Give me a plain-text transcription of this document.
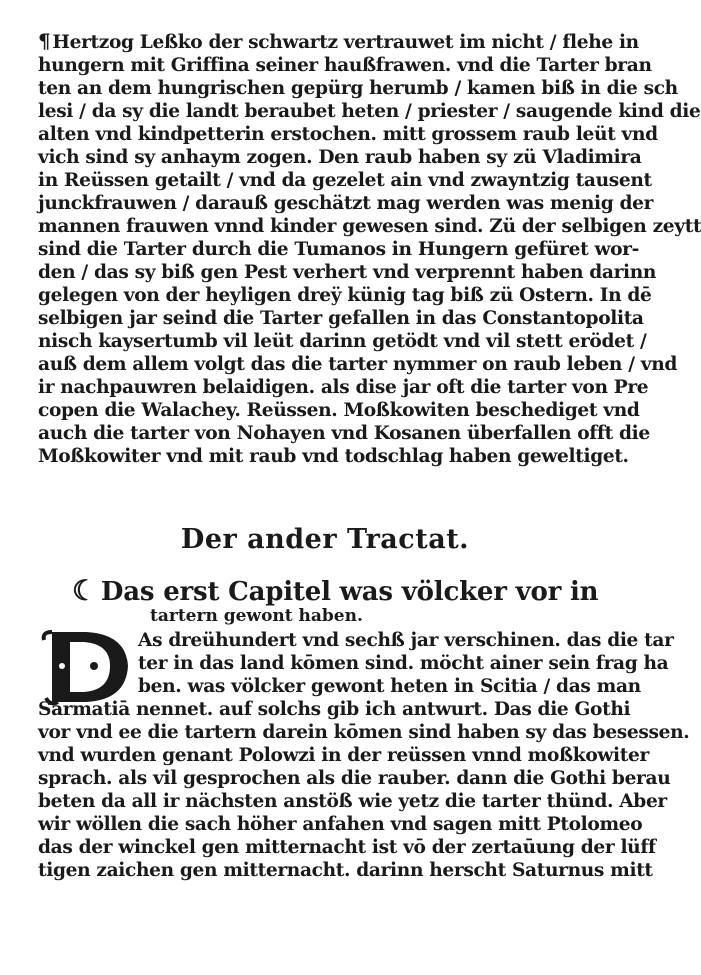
¶ Hertzog Leßko der schwartz vertrauwet im nicht / flehe in
hungern mit Griffina seiner haußfrawen. vnd die Tarter bran
ten an dem hungrischen gepürg herumb / kamen biß in die sch
lesi / da sy die landt beraubet heten / priester / saugende kind die
alten vnd kindpetterin erstochen. mitt grossem raub leüt vnd
vich sind sy anhaym zogen. Den raub haben sy zü Vladimira
in Reüssen getailt / vnd da gezelet ain vnd zwayntzig tausent
junckfrauwen / darauß geschätzt mag werden was menig der
mannen frauwen vnnd kinder gewesen sind. Zü der selbigen zeytt
sind die Tarter durch die Tumanos in Hungern gefüret wor-
den / das sy biß gen Pest verhert vnd verprennt haben darinn
gelegen von der heyligen dreÿ künig tag biß zü Ostern. In dē
selbigen jar seind die Tarter gefallen in das Constantopolita
nisch kaysertumb vil leüt darinn getödt vnd vil stett erödet /
auß dem allem volgt das die tarter nymmer on raub leben / vnd
ir nachpauwren belaidigen. als dise jar oft die tarter von Pre
copen die Walachey. Reüssen. Moßkowiten beschediget vnd
auch die tarter von Nohayen vnd Kosanen überfallen offt die
Moßkowiter vnd mit raub vnd todschlag haben geweltiget.
Der ander Tractat.
☾ Das erst Capitel was völcker vor in
tartern gewont haben.
As dreühundert vnd sechß jar verschinen. das die tar
ter in das land kōmen sind. möcht ainer sein frag ha
ben. was völcker gewont heten in Scitia / das man
Sarmatiā nennet. auf solchs gib ich antwurt. Das die Gothi
vor vnd ee die tartern darein kōmen sind haben sy das besessen.
vnd wurden genant Polowzi in der reüssen vnnd moßkowiter
sprach. als vil gesprochen als die rauber. dann die Gothi berau
beten da all ir nächsten anstöß wie yetz die tarter thünd. Aber
wir wöllen die sach höher anfahen vnd sagen mitt Ptolomeo
das der winckel gen mitternacht ist vō der zertaūung der lüff
tigen zaichen gen mitternacht. darinn herscht Saturnus mitt
